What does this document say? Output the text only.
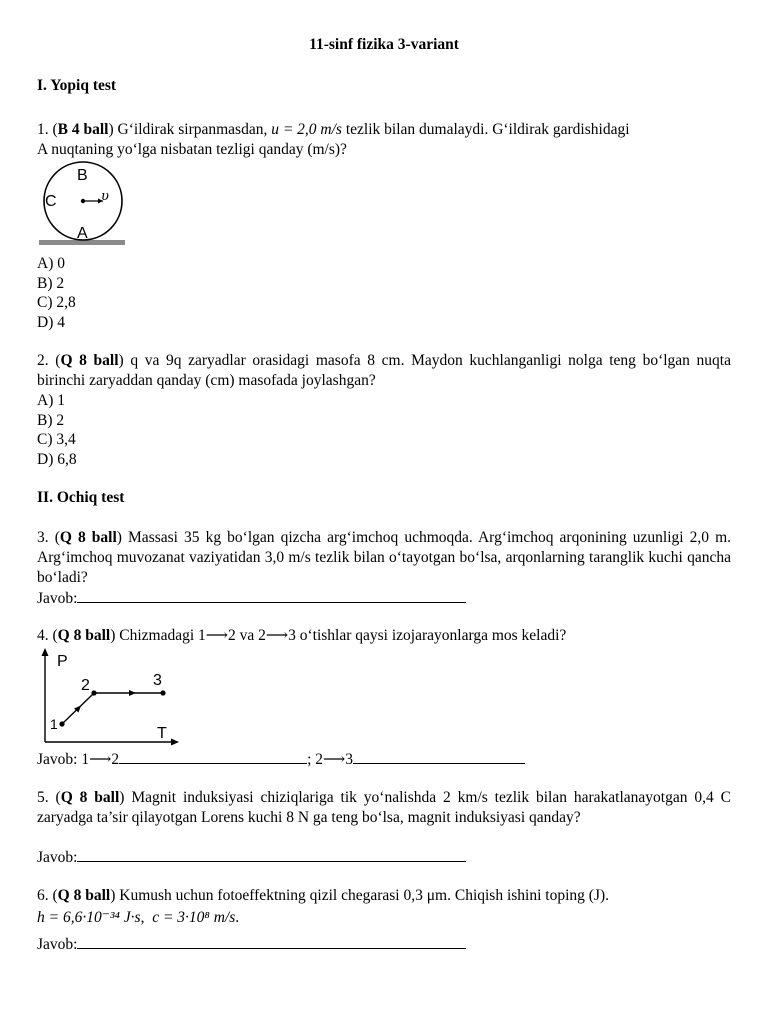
11-sinf fizika 3-variant
I. Yopiq test
1. (B 4 ball) G‘ildirak sirpanmasdan, u = 2,0 m/s tezlik bilan dumalaydi. G‘ildirak gardishidagi
A nuqtaning yo‘lga nisbatan tezligi qanday (m/s)?
B
C
A
υ
A) 0
B) 2
C) 2,8
D) 4
2. (Q 8 ball) q va 9q zaryadlar orasidagi masofa 8 cm. Maydon kuchlanganligi nolga teng bo‘lgan nuqta birinchi zaryaddan qanday (cm) masofada joylashgan?
A) 1
B) 2
C) 3,4
D) 6,8
II. Ochiq test
3. (Q 8 ball) Massasi 35 kg bo‘lgan qizcha arg‘imchoq uchmoqda. Arg‘imchoq arqonining uzunligi 2,0 m. Arg‘imchoq muvozanat vaziyatidan 3,0 m/s tezlik bilan o‘tayotgan bo‘lsa, arqonlarning taranglik kuchi qancha bo‘ladi?
Javob:
4. (Q 8 ball) Chizmadagi 1⟶2 va 2⟶3 o‘tishlar qaysi izojarayonlarga mos keladi?
P
T
1
2	3
Javob: 1⟶2	; 2⟶3
5. (Q 8 ball) Magnit induksiyasi chiziqlariga tik yo‘nalishda 2 km/s tezlik bilan harakatlanayotgan 0,4 C zaryadga ta’sir qilayotgan Lorens kuchi 8 N ga teng bo‘lsa, magnit induksiyasi qanday?
Javob:
6. (Q 8 ball) Kumush uchun fotoeffektning qizil chegarasi 0,3 μm. Chiqish ishini toping (J).
h = 6,6·10⁻³⁴ J·s, c = 3·10⁸ m/s.
Javob:
